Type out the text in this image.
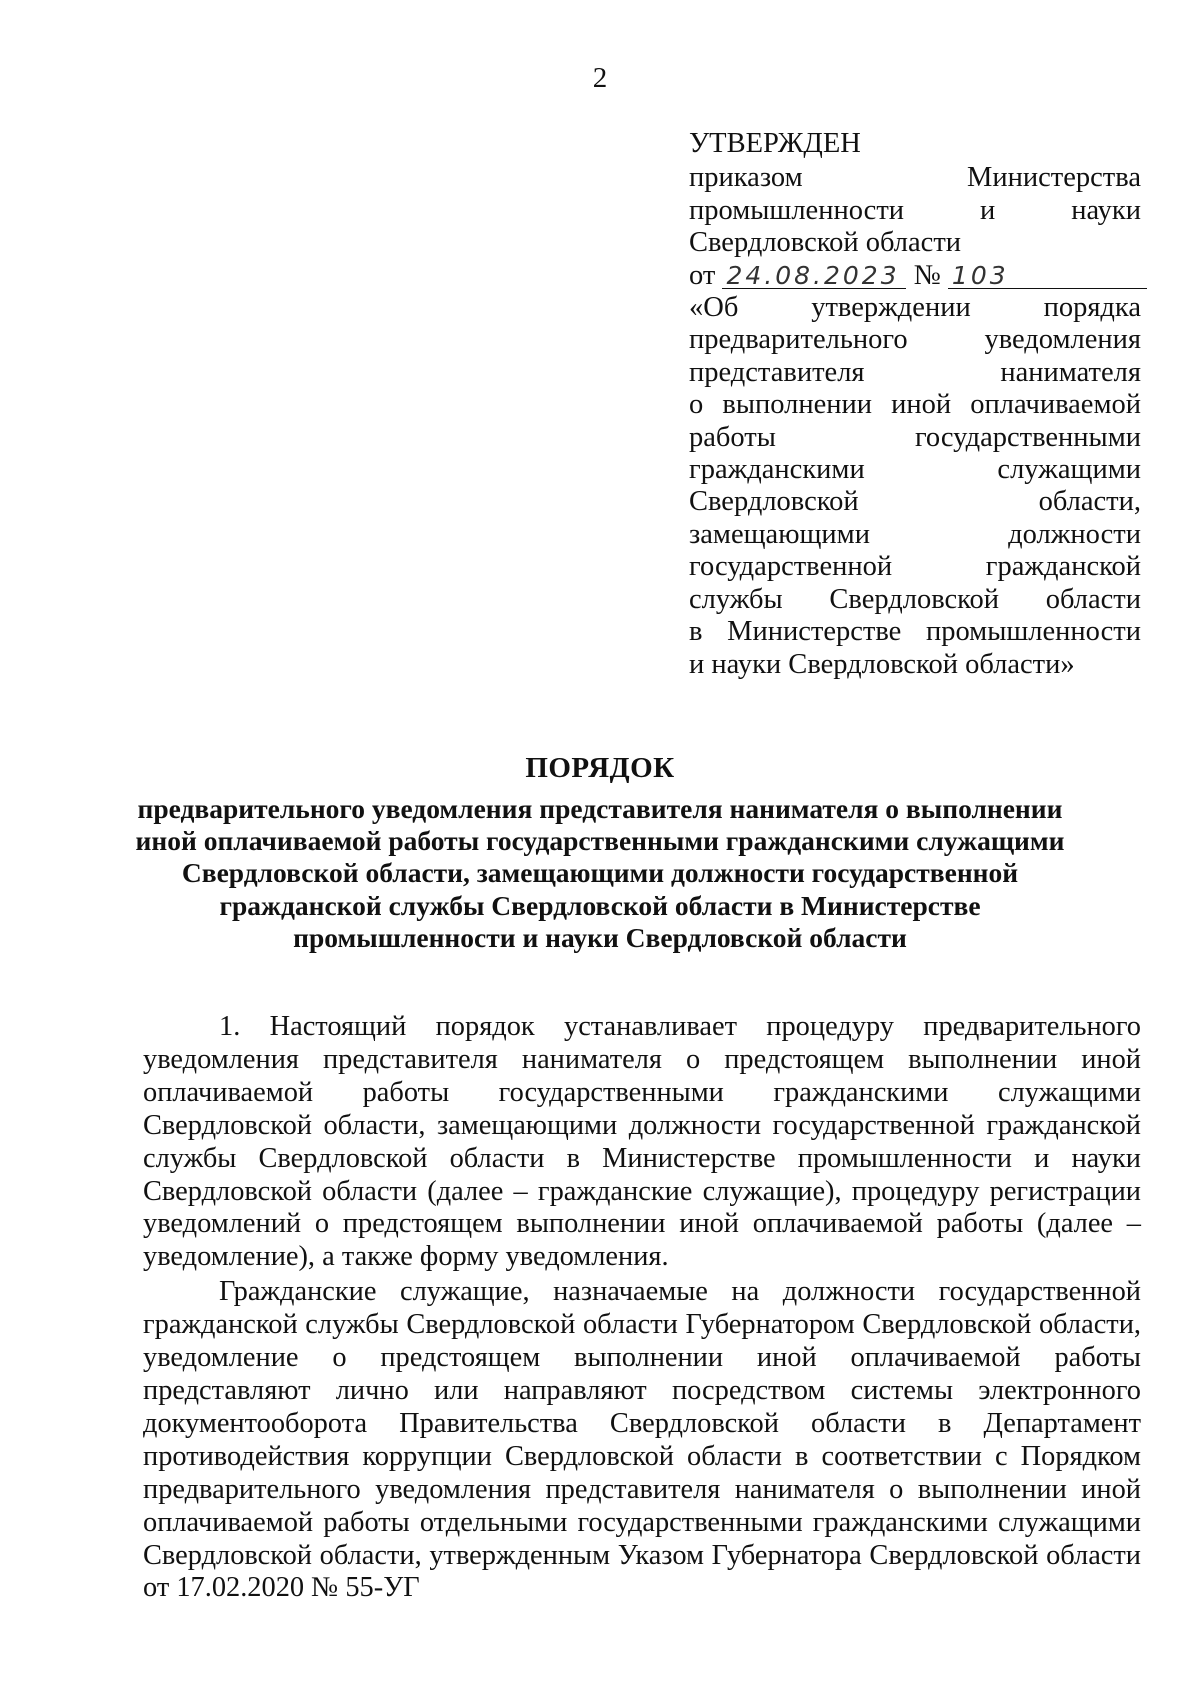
2
УТВЕРЖДЕН
приказом Министерства
промышленности и науки
Свердловской области
от 24.08.2023 № 103
«Об утверждении порядка
предварительного уведомления
представителя нанимателя
о выполнении иной оплачиваемой
работы государственными
гражданскими служащими
Свердловской области,
замещающими должности
государственной гражданской
службы Свердловской области
в Министерстве промышленности
и науки Свердловской области»
ПОРЯДОК
предварительного уведомления представителя нанимателя о выполнении
иной оплачиваемой работы государственными гражданскими служащими
Свердловской области, замещающими должности государственной
гражданской службы Свердловской области в Министерстве
промышленности и науки Свердловской области

1. Настоящий порядок устанавливает процедуру предварительного уведомления представителя нанимателя о предстоящем выполнении иной оплачиваемой работы государственными гражданскими служащими Свердловской области, замещающими должности государственной гражданской службы Свердловской области в Министерстве промышленности и науки Свердловской области (далее – гражданские служащие), процедуру регистрации уведомлений о предстоящем выполнении иной оплачиваемой работы (далее – уведомление), а также форму уведомления.

Гражданские служащие, назначаемые на должности государственной гражданской службы Свердловской области Губернатором Свердловской области, уведомление о предстоящем выполнении иной оплачиваемой работы представляют лично или направляют посредством системы электронного документооборота Правительства Свердловской области в Департамент противодействия коррупции Свердловской области в соответствии с Порядком предварительного уведомления представителя нанимателя о выполнении иной оплачиваемой работы отдельными государственными гражданскими служащими Свердловской области, утвержденным Указом Губернатора Свердловской области от 17.02.2020 № 55-УГ
